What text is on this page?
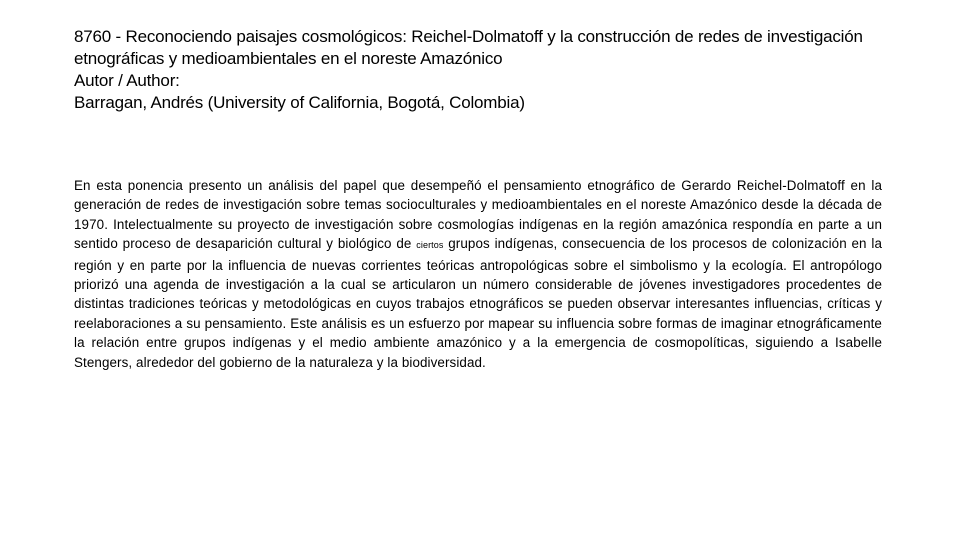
8760 - Reconociendo paisajes cosmológicos: Reichel-Dolmatoff y la construcción de redes de investigación etnográficas y medioambientales en el noreste Amazónico
Autor / Author:
Barragan, Andrés (University of California, Bogotá, Colombia)
En esta ponencia presento un análisis del papel que desempeñó el pensamiento etnográfico de Gerardo Reichel-Dolmatoff en la generación de redes de investigación sobre temas socioculturales y medioambientales en el noreste Amazónico desde la década de 1970. Intelectualmente su proyecto de investigación sobre cosmologías indígenas en la región amazónica respondía en parte a un sentido proceso de desaparición cultural y biológico de ciertos grupos indígenas, consecuencia de los procesos de colonización en la región y en parte por la influencia de nuevas corrientes teóricas antropológicas sobre el simbolismo y la ecología. El antropólogo priorizó una agenda de investigación a la cual se articularon un número considerable de jóvenes investigadores procedentes de distintas tradiciones teóricas y metodológicas en cuyos trabajos etnográficos se pueden observar interesantes influencias, críticas y reelaboraciones a su pensamiento. Este análisis es un esfuerzo por mapear su influencia sobre formas de imaginar etnográficamente la relación entre grupos indígenas y el medio ambiente amazónico y a la emergencia de cosmopolíticas, siguiendo a Isabelle Stengers, alrededor del gobierno de la naturaleza y la biodiversidad.
